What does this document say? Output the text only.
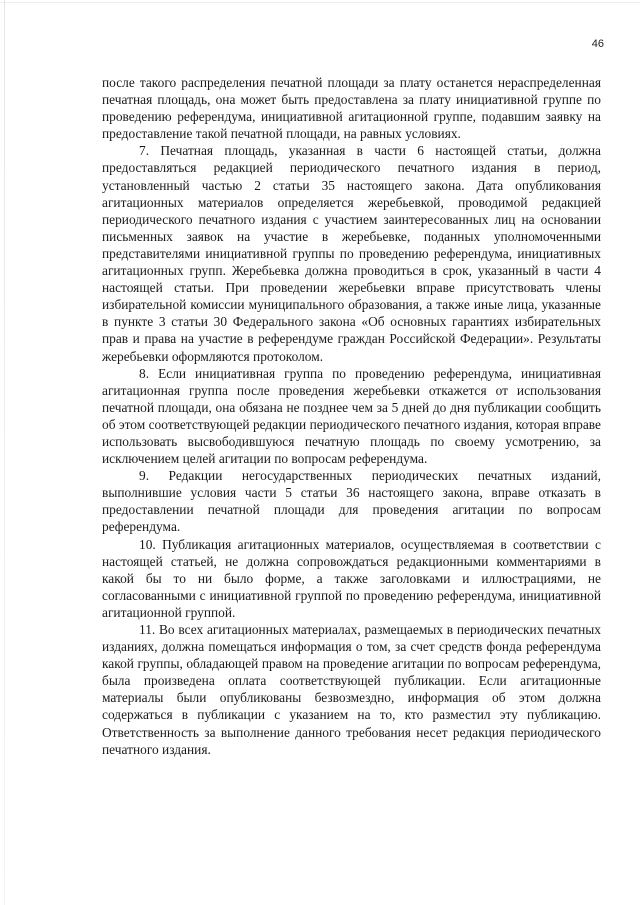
46

после такого распределения печатной площади за плату останется нераспределенная печатная площадь, она может быть предоставлена за плату инициативной группе по проведению референдума, инициативной агитационной группе, подавшим заявку на предоставление такой печатной площади, на равных условиях.

7. Печатная площадь, указанная в части 6 настоящей статьи, должна предоставляться редакцией периодического печатного издания в период, установленный частью 2 статьи 35 настоящего закона. Дата опубликования агитационных материалов определяется жеребьевкой, проводимой редакцией периодического печатного издания с участием заинтересованных лиц на основании письменных заявок на участие в жеребьевке, поданных уполномоченными представителями инициативной группы по проведению референдума, инициативных агитационных групп. Жеребьевка должна проводиться в срок, указанный в части 4 настоящей статьи. При проведении жеребьевки вправе присутствовать члены избирательной комиссии муниципального образования, а также иные лица, указанные в пункте 3 статьи 30 Федерального закона «Об основных гарантиях избирательных прав и права на участие в референдуме граждан Российской Федерации». Результаты жеребьевки оформляются протоколом.

8. Если инициативная группа по проведению референдума, инициативная агитационная группа после проведения жеребьевки откажется от использования печатной площади, она обязана не позднее чем за 5 дней до дня публикации сообщить об этом соответствующей редакции периодического печатного издания, которая вправе использовать высвободившуюся печатную площадь по своему усмотрению, за исключением целей агитации по вопросам референдума.

9. Редакции негосударственных периодических печатных изданий, выполнившие условия части 5 статьи 36 настоящего закона, вправе отказать в предоставлении печатной площади для проведения агитации по вопросам референдума.

10. Публикация агитационных материалов, осуществляемая в соответствии с настоящей статьей, не должна сопровождаться редакционными комментариями в какой бы то ни было форме, а также заголовками и иллюстрациями, не согласованными с инициативной группой по проведению референдума, инициативной агитационной группой.

11. Во всех агитационных материалах, размещаемых в периодических печатных изданиях, должна помещаться информация о том, за счет средств фонда референдума какой группы, обладающей правом на проведение агитации по вопросам референдума, была произведена оплата соответствующей публикации. Если агитационные материалы были опубликованы безвозмездно, информация об этом должна содержаться в публикации с указанием на то, кто разместил эту публикацию. Ответственность за выполнение данного требования несет редакция периодического печатного издания.
